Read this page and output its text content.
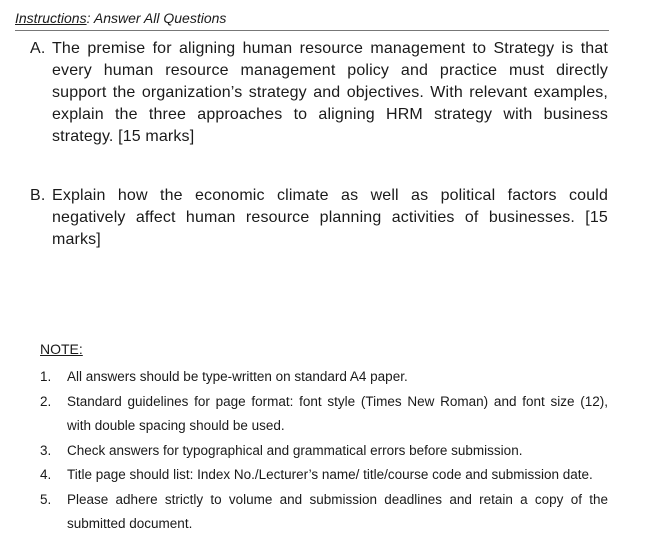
Instructions: Answer All Questions
A. The premise for aligning human resource management to Strategy is that every human resource management policy and practice must directly support the organization’s strategy and objectives. With relevant examples, explain the three approaches to aligning HRM strategy with business strategy. [15 marks]
B. Explain how the economic climate as well as political factors could negatively affect human resource planning activities of businesses. [15 marks]
NOTE:
1. All answers should be type-written on standard A4 paper.
2. Standard guidelines for page format: font style (Times New Roman) and font size (12), with double spacing should be used.
3. Check answers for typographical and grammatical errors before submission.
4. Title page should list: Index No./Lecturer’s name/ title/course code and submission date.
5. Please adhere strictly to volume and submission deadlines and retain a copy of the submitted document.
